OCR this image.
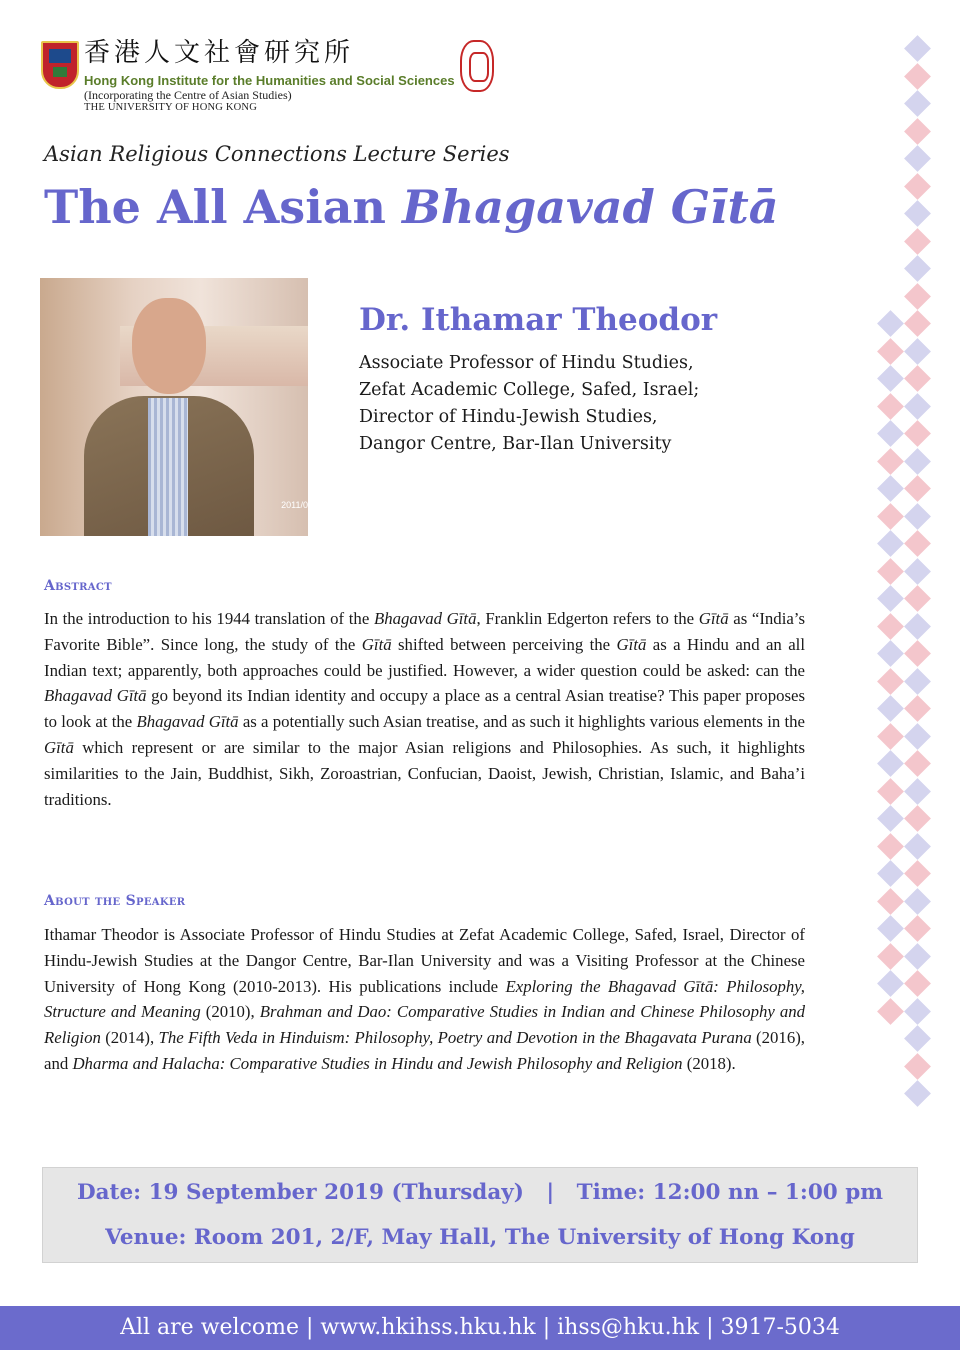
香港人文社會研究所
Hong Kong Institute for the Humanities and Social Sciences
(Incorporating the Centre of Asian Studies)
THE UNIVERSITY OF HONG KONG
Asian Religious Connections Lecture Series
The All Asian Bhagavad Gītā
2011/0
Dr. Ithamar Theodor
Associate Professor of Hindu Studies,
Zefat Academic College, Safed, Israel;
Director of Hindu-Jewish Studies,
Dangor Centre, Bar-Ilan University
Abstract
In the introduction to his 1944 translation of the Bhagavad Gītā, Franklin Edgerton refers to the Gītā as “India’s Favorite Bible”. Since long, the study of the Gītā shifted between perceiving the Gītā as a Hindu and an all Indian text; apparently, both approaches could be justified. However, a wider question could be asked: can the Bhagavad Gītā go beyond its Indian identity and occupy a place as a central Asian treatise? This paper proposes to look at the Bhagavad Gītā as a potentially such Asian treatise, and as such it highlights various elements in the Gītā which represent or are similar to the major Asian religions and Philosophies. As such, it highlights similarities to the Jain, Buddhist, Sikh, Zoroastrian, Confucian, Daoist, Jewish, Christian, Islamic, and Baha’i traditions.
About the Speaker
Ithamar Theodor is Associate Professor of Hindu Studies at Zefat Academic College, Safed, Israel, Director of Hindu-Jewish Studies at the Dangor Centre, Bar-Ilan University and was a Visiting Professor at the Chinese University of Hong Kong (2010-2013). His publications include Exploring the Bhagavad Gītā: Philosophy, Structure and Meaning (2010), Brahman and Dao: Comparative Studies in Indian and Chinese Philosophy and Religion (2014), The Fifth Veda in Hinduism: Philosophy, Poetry and Devotion in the Bhagavata Purana (2016), and Dharma and Halacha: Comparative Studies in Hindu and Jewish Philosophy and Religion (2018).
Date: 19 September 2019 (Thursday)   |   Time: 12:00 nn – 1:00 pm
Venue: Room 201, 2/F, May Hall, The University of Hong Kong
All are welcome | www.hkihss.hku.hk | ihss@hku.hk | 3917-5034
